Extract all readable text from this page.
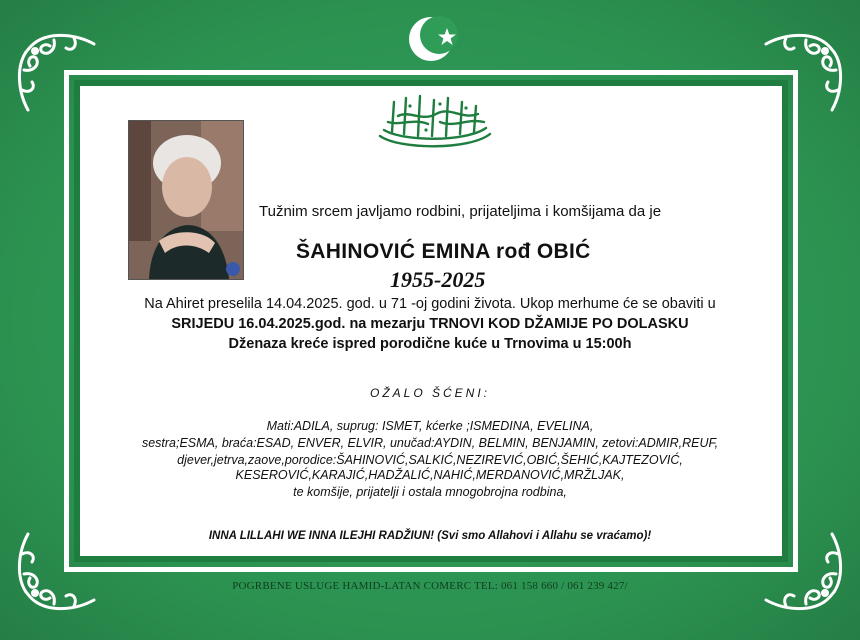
Tužnim srcem javljamo rodbini, prijateljima i komšijama da je
ŠAHINOVIĆ EMINA rođ OBIĆ
1955-2025
Na Ahiret preselila 14.04.2025. god. u 71 -oj godini života. Ukop merhume će se obaviti u
SRIJEDU 16.04.2025.god. na mezarju TRNOVI KOD DŽAMIJE PO DOLASKU
Dženaza kreće ispred porodične kuće u Trnovima u 15:00h
OŽALO ŠĆENI:
Mati:ADILA, suprug: ISMET, kćerke ;ISMEDINA, EVELINA,
sestra;ESMA, braća:ESAD, ENVER, ELVIR, unučad:AYDIN, BELMIN, BENJAMIN, zetovi:ADMIR,REUF,
djever,jetrva,zaove,porodice:ŠAHINOVIĆ,SALKIĆ,NEZIREVIĆ,OBIĆ,ŠEHIĆ,KAJTEZOVIĆ,
KESEROVIĆ,KARAJIĆ,HADŽALIĆ,NAHIĆ,MERDANOVIĆ,MRŽLJAK,
te komšije, prijatelji i ostala mnogobrojna rodbina,
INNA LILLAHI WE INNA ILEJHI RADŽIUN! (Svi smo Allahovi i Allahu se vraćamo)!
POGRBENE USLUGE HAMID-LATAN COMERC TEL: 061 158 660 / 061 239 427/
